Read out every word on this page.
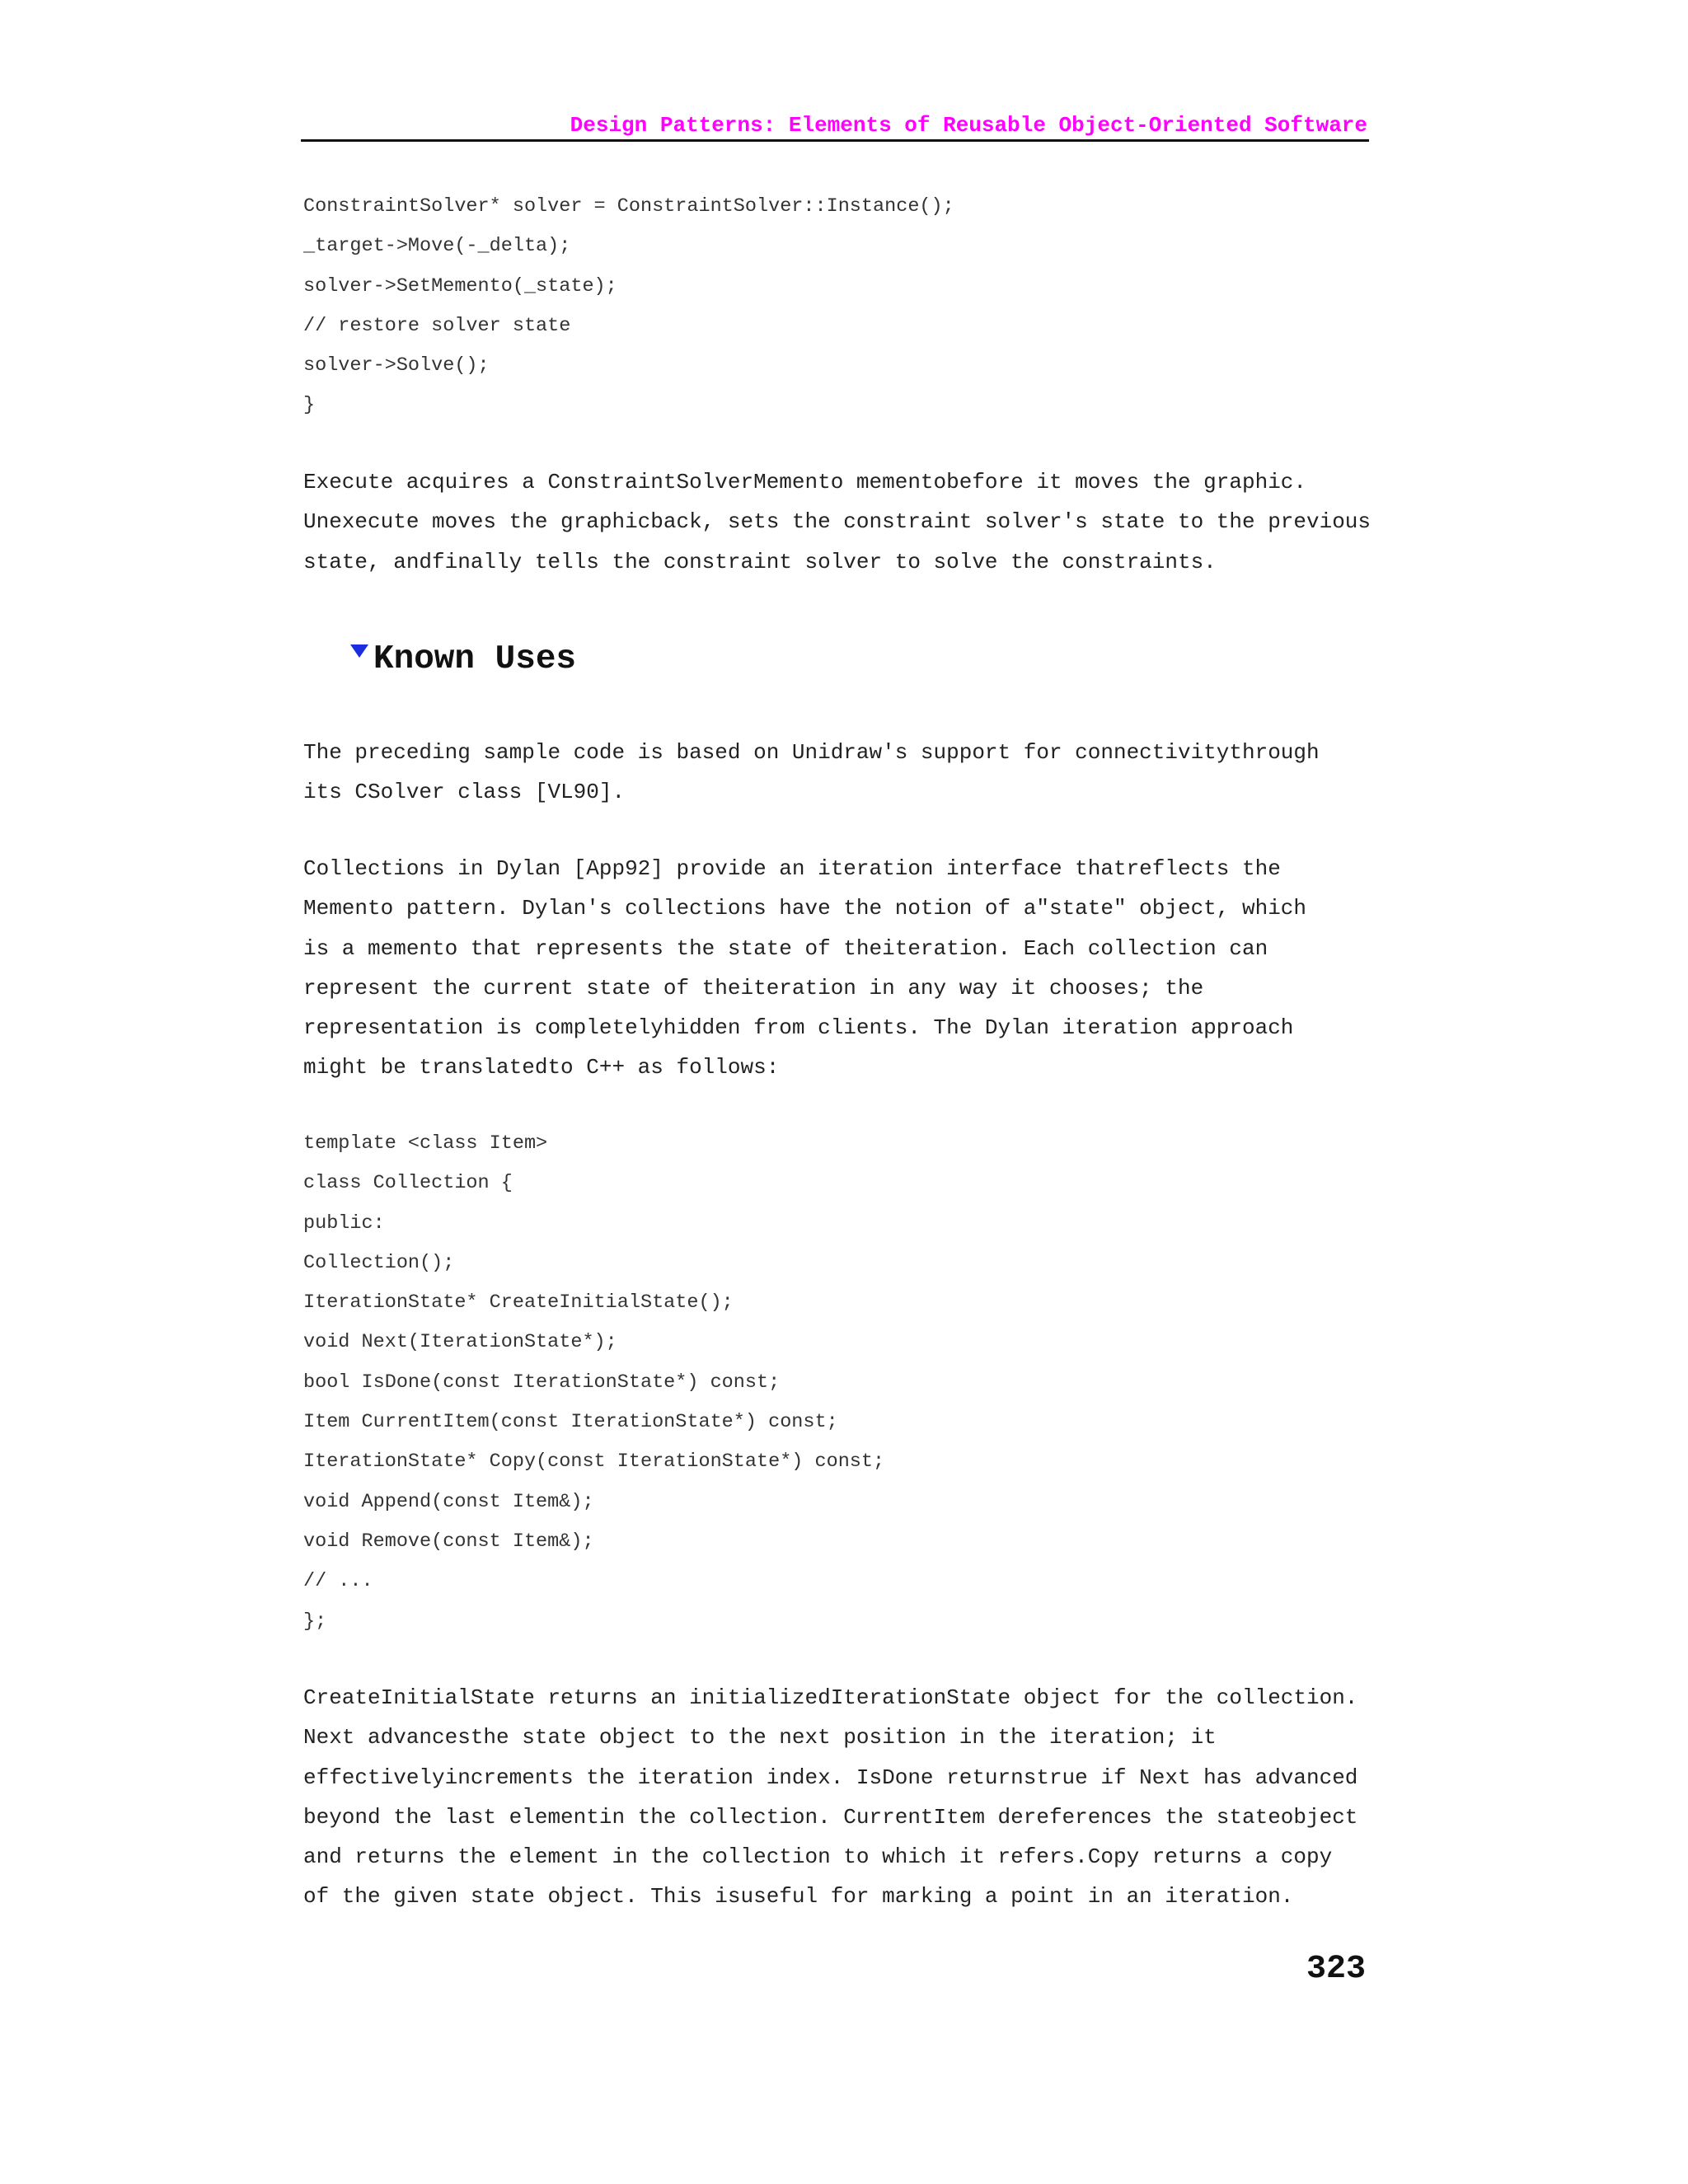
Design Patterns: Elements of Reusable Object-Oriented Software
ConstraintSolver* solver = ConstraintSolver::Instance();
_target->Move(-_delta);
solver->SetMemento(_state);
// restore solver state
solver->Solve();
}
Execute acquires a ConstraintSolverMemento mementobefore it moves the graphic.
Unexecute moves the graphicback, sets the constraint solver's state to the previous
state, andfinally tells the constraint solver to solve the constraints.
Known Uses
The preceding sample code is based on Unidraw's support for connectivitythrough
its CSolver class [VL90].
Collections in Dylan [App92] provide an iteration interface thatreflects the
Memento pattern. Dylan's collections have the notion of a"state" object, which
is a memento that represents the state of theiteration. Each collection can
represent the current state of theiteration in any way it chooses; the
representation is completelyhidden from clients. The Dylan iteration approach
might be translatedto C++ as follows:
template <class Item>
class Collection {
public:
Collection();
IterationState* CreateInitialState();
void Next(IterationState*);
bool IsDone(const IterationState*) const;
Item CurrentItem(const IterationState*) const;
IterationState* Copy(const IterationState*) const;
void Append(const Item&);
void Remove(const Item&);
// ...
};
CreateInitialState returns an initializedIterationState object for the collection.
Next advancesthe state object to the next position in the iteration; it
effectivelyincrements the iteration index. IsDone returnstrue if Next has advanced
beyond the last elementin the collection. CurrentItem dereferences the stateobject
and returns the element in the collection to which it refers.Copy returns a copy
of the given state object. This isuseful for marking a point in an iteration.
323
